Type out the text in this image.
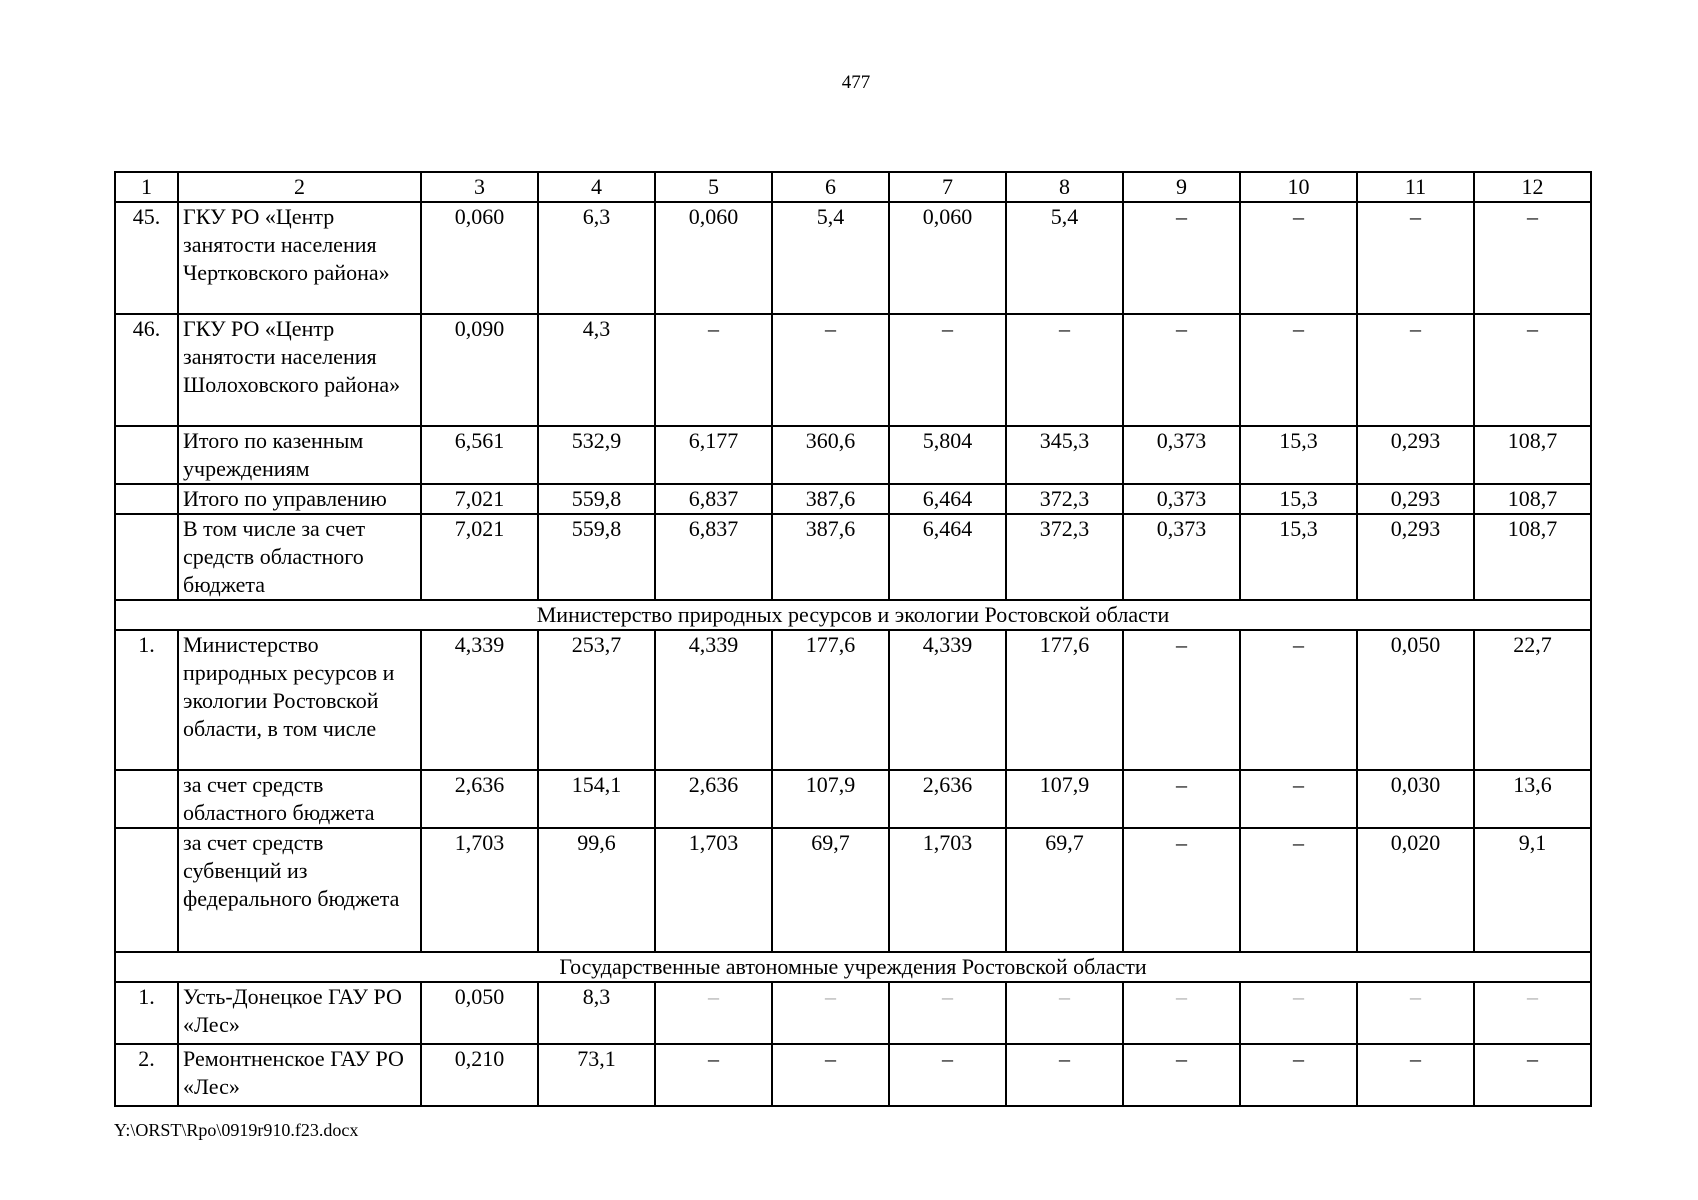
477
1	2	3	4	5	6	7	8	9	10	11	12
45.	ГКУ РО «Центр занятости населения Чертковского района»	0,060	6,3	0,060	5,4	0,060	5,4	–	–	–	–
46.	ГКУ РО «Центр занятости населения Шолоховского района»	0,090	4,3	–	–	–	–	–	–	–	–
	Итого по казенным учреждениям	6,561	532,9	6,177	360,6	5,804	345,3	0,373	15,3	0,293	108,7
	Итого по управлению	7,021	559,8	6,837	387,6	6,464	372,3	0,373	15,3	0,293	108,7
	В том числе за счет средств областного бюджета	7,021	559,8	6,837	387,6	6,464	372,3	0,373	15,3	0,293	108,7
Министерство природных ресурсов и экологии Ростовской области											
1.	Министерство природных ресурсов и экологии Ростовской области, в том числе	4,339	253,7	4,339	177,6	4,339	177,6	–	–	0,050	22,7
	за счет средств областного бюджета	2,636	154,1	2,636	107,9	2,636	107,9	–	–	0,030	13,6
	за счет средств субвенций из федерального бюджета	1,703	99,6	1,703	69,7	1,703	69,7	–	–	0,020	9,1
Государственные автономные учреждения Ростовской области											
1.	Усть-Донецкое ГАУ РО «Лес»	0,050	8,3	–	–	–	–	–	–	–	–
2.	Ремонтненское ГАУ РО «Лес»	0,210	73,1	–	–	–	–	–	–	–	–
Y:\ORST\Rpo\0919r910.f23.docx
